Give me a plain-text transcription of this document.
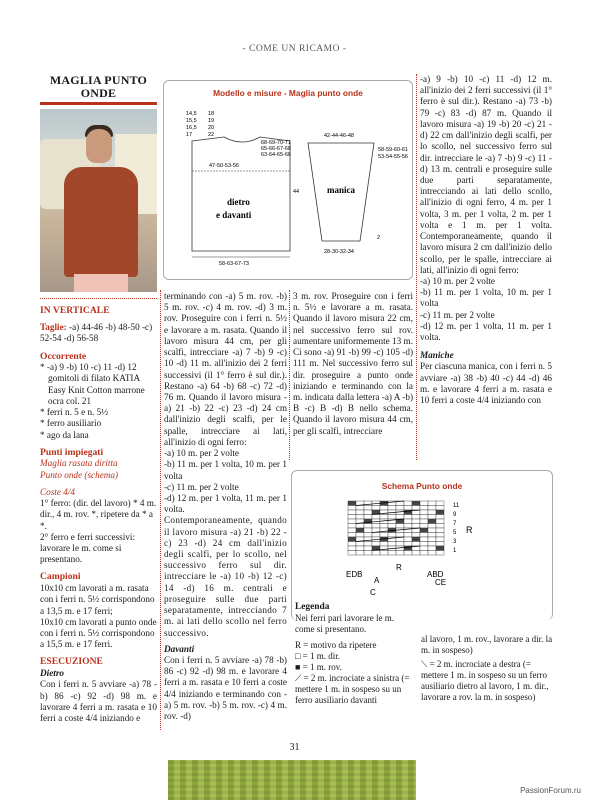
- COME UN RICAMO -
MAGLIA PUNTO ONDE
IN VERTICALE

Taglie: -a) 44-46 -b) 48-50 -c) 52-54 -d) 56-58

Occorrente

* -a) 9 -b) 10 -c) 11 -d) 12 gomitoli di filato KATIA Easy Knit Cotton marrone ocra col. 21

* ferri n. 5 e n. 5½

* ferro ausiliario

* ago da lana

Punti impiegati

Maglia rasata diritta

Punto onde (schema)

Coste 4/4

1° ferro: (dir. del lavoro) * 4 m. dir., 4 m. rov. *, ripetere da * a *.

2° ferro e ferri successivi: lavorare le m. come si presentano.

Campioni

10x10 cm lavorati a m. rasata con i ferri n. 5½ corrispondono a 13,5 m. e 17 ferri;

10x10 cm lavorati a punto onde con i ferri n. 5½ corrispondono a 15,5 m. e 17 ferri.

ESECUZIONE

Dietro

Con i ferri n. 5 avviare -a) 78 -b) 86 -c) 92 -d) 98 m. e lavorare 4 ferri a m. rasata e 10 ferri a coste 4/4 iniziando e

Modello e misure - Maglia punto onde
14,5
15,5
16,5
17
18
19
20
22
68-69-70-71
65-66-67-68
63-64-65-66
47-50-53-56
44
dietro
e davanti
58-63-67-73
42-44-46-48
58-59-60-61
53-54-55-56
2
manica
28-30-32-34

terminando con -a) 5 m. rov. -b) 5 m. rov. -c) 4 m. rov. -d) 3 m. rov. Proseguire con i ferri n. 5½ e lavorare a m. rasata. Quando il lavoro misura 44 cm, per gli scalfi, intrecciare -a) 7 -b) 9 -c) 10 -d) 11 m. all'inizio dei 2 ferri successivi (il 1° ferro è sul dir.). Restano -a) 64 -b) 68 -c) 72 -d) 76 m. Quando il lavoro misura -a) 21 -b) 22 -c) 23 -d) 24 cm dall'inizio degli scalfi, per le spalle, intrecciare ai lati, all'inizio di ogni ferro:

-a) 10 m. per 2 volte

-b) 11 m. per 1 volta, 10 m. per 1 volta

-c) 11 m. per 2 volte

-d) 12 m. per 1 volta, 11 m. per 1 volta.

Contemporaneamente, quando il lavoro misura -a) 21 -b) 22 -c) 23 -d) 24 cm dall'inizio degli scalfi, per lo scollo, nel successivo ferro sul dir. intrecciare le -a) 10 -b) 12 -c) 14 -d) 16 m. centrali e proseguire sulle due parti separatamente, intrecciando 7 m. ai lati dello scollo nel ferro successivo.

Davanti

Con i ferri n. 5 avviare -a) 78 -b) 86 -c) 92 -d) 98 m. e lavorare 4 ferri a m. rasata e 10 ferri a coste 4/4 iniziando e terminando con -a) 5 m. rov. -b) 5 m. rov. -c) 4 m. rov. -d)

3 m. rov. Proseguire con i ferri n. 5½ e lavorare a m. rasata. Quando il lavoro misura 22 cm, nel successivo ferro sul rov. aumentare uniformemente 13 m. Ci sono -a) 91 -b) 99 -c) 105 -d) 111 m. Nel successivo ferro sul dir. proseguire a punto onde iniziando e terminando con la m. indicata dalla lettera -a) A -b) B -c) B -d) B nello schema. Quando il lavoro misura 44 cm, per gli scalfi, intrecciare

-a) 9 -b) 10 -c) 11 -d) 12 m. all'inizio dei 2 ferri successivi (il 1° ferro è sul dir.). Restano -a) 73 -b) 79 -c) 83 -d) 87 m. Quando il lavoro misura -a) 19 -b) 20 -c) 21 -d) 22 cm dall'inizio degli scalfi, per lo scollo, nel successivo ferro sul dir. intrecciare le -a) 7 -b) 9 -c) 11 -d) 13 m. centrali e proseguire sulle due parti separatamente, intrecciando ai lati dello scollo, all'inizio di ogni ferro, 4 m. per 1 volta, 3 m. per 1 volta, 2 m. per 1 volta e 1 m. per 1 volta. Contemporaneamente, quando il lavoro misura 2 cm dall'inizio dello scollo, per le spalle, intrecciare ai lati, all'inizio di ogni ferro:

-a) 10 m. per 2 volte

-b) 11 m. per 1 volta, 10 m. per 1 volta

-c) 11 m. per 2 volte

-d) 12 m. per 1 volta, 11 m. per 1 volta.

Maniche

Per ciascuna manica, con i ferri n. 5 avviare -a) 38 -b) 40 -c) 44 -d) 46 m. e lavorare 4 ferri a m. rasata e 10 ferri a coste 4/4 iniziando con

Schema Punto onde
11
9
7
5
3
1
R
EDB
A
C
R
ABD
CE
Legenda

Nei ferri pari lavorare le m. come si presentano.

R = motivo da ripetere

□ = 1 m. dir.

■ = 1 m. rov.

⟋ = 2 m. incrociate a sinistra (= mettere 1 m. in sospeso su un ferro ausiliario davanti

al lavoro, 1 m. rov., lavorare a dir. la m. in sospeso)

⟍ = 2 m. incrociate a destra (= mettere 1 m. in sospeso su un ferro ausiliario dietro al lavoro, 1 m. dir., lavorare a rov. la m. in sospeso)

31
PassionForum.ru
